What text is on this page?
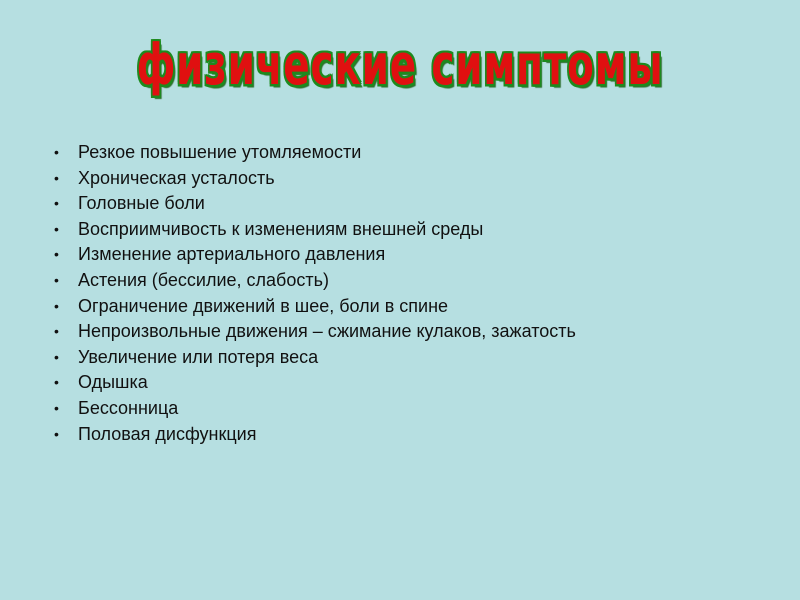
физические симптомы
• Резкое повышение утомляемости
• Хроническая усталость
• Головные боли
• Восприимчивость к изменениям внешней среды
• Изменение артериального давления
• Астения (бессилие, слабость)
• Ограничение движений в шее, боли в спине
• Непроизвольные движения – сжимание кулаков, зажатость
• Увеличение или потеря веса
• Одышка
• Бессонница
• Половая дисфункция
